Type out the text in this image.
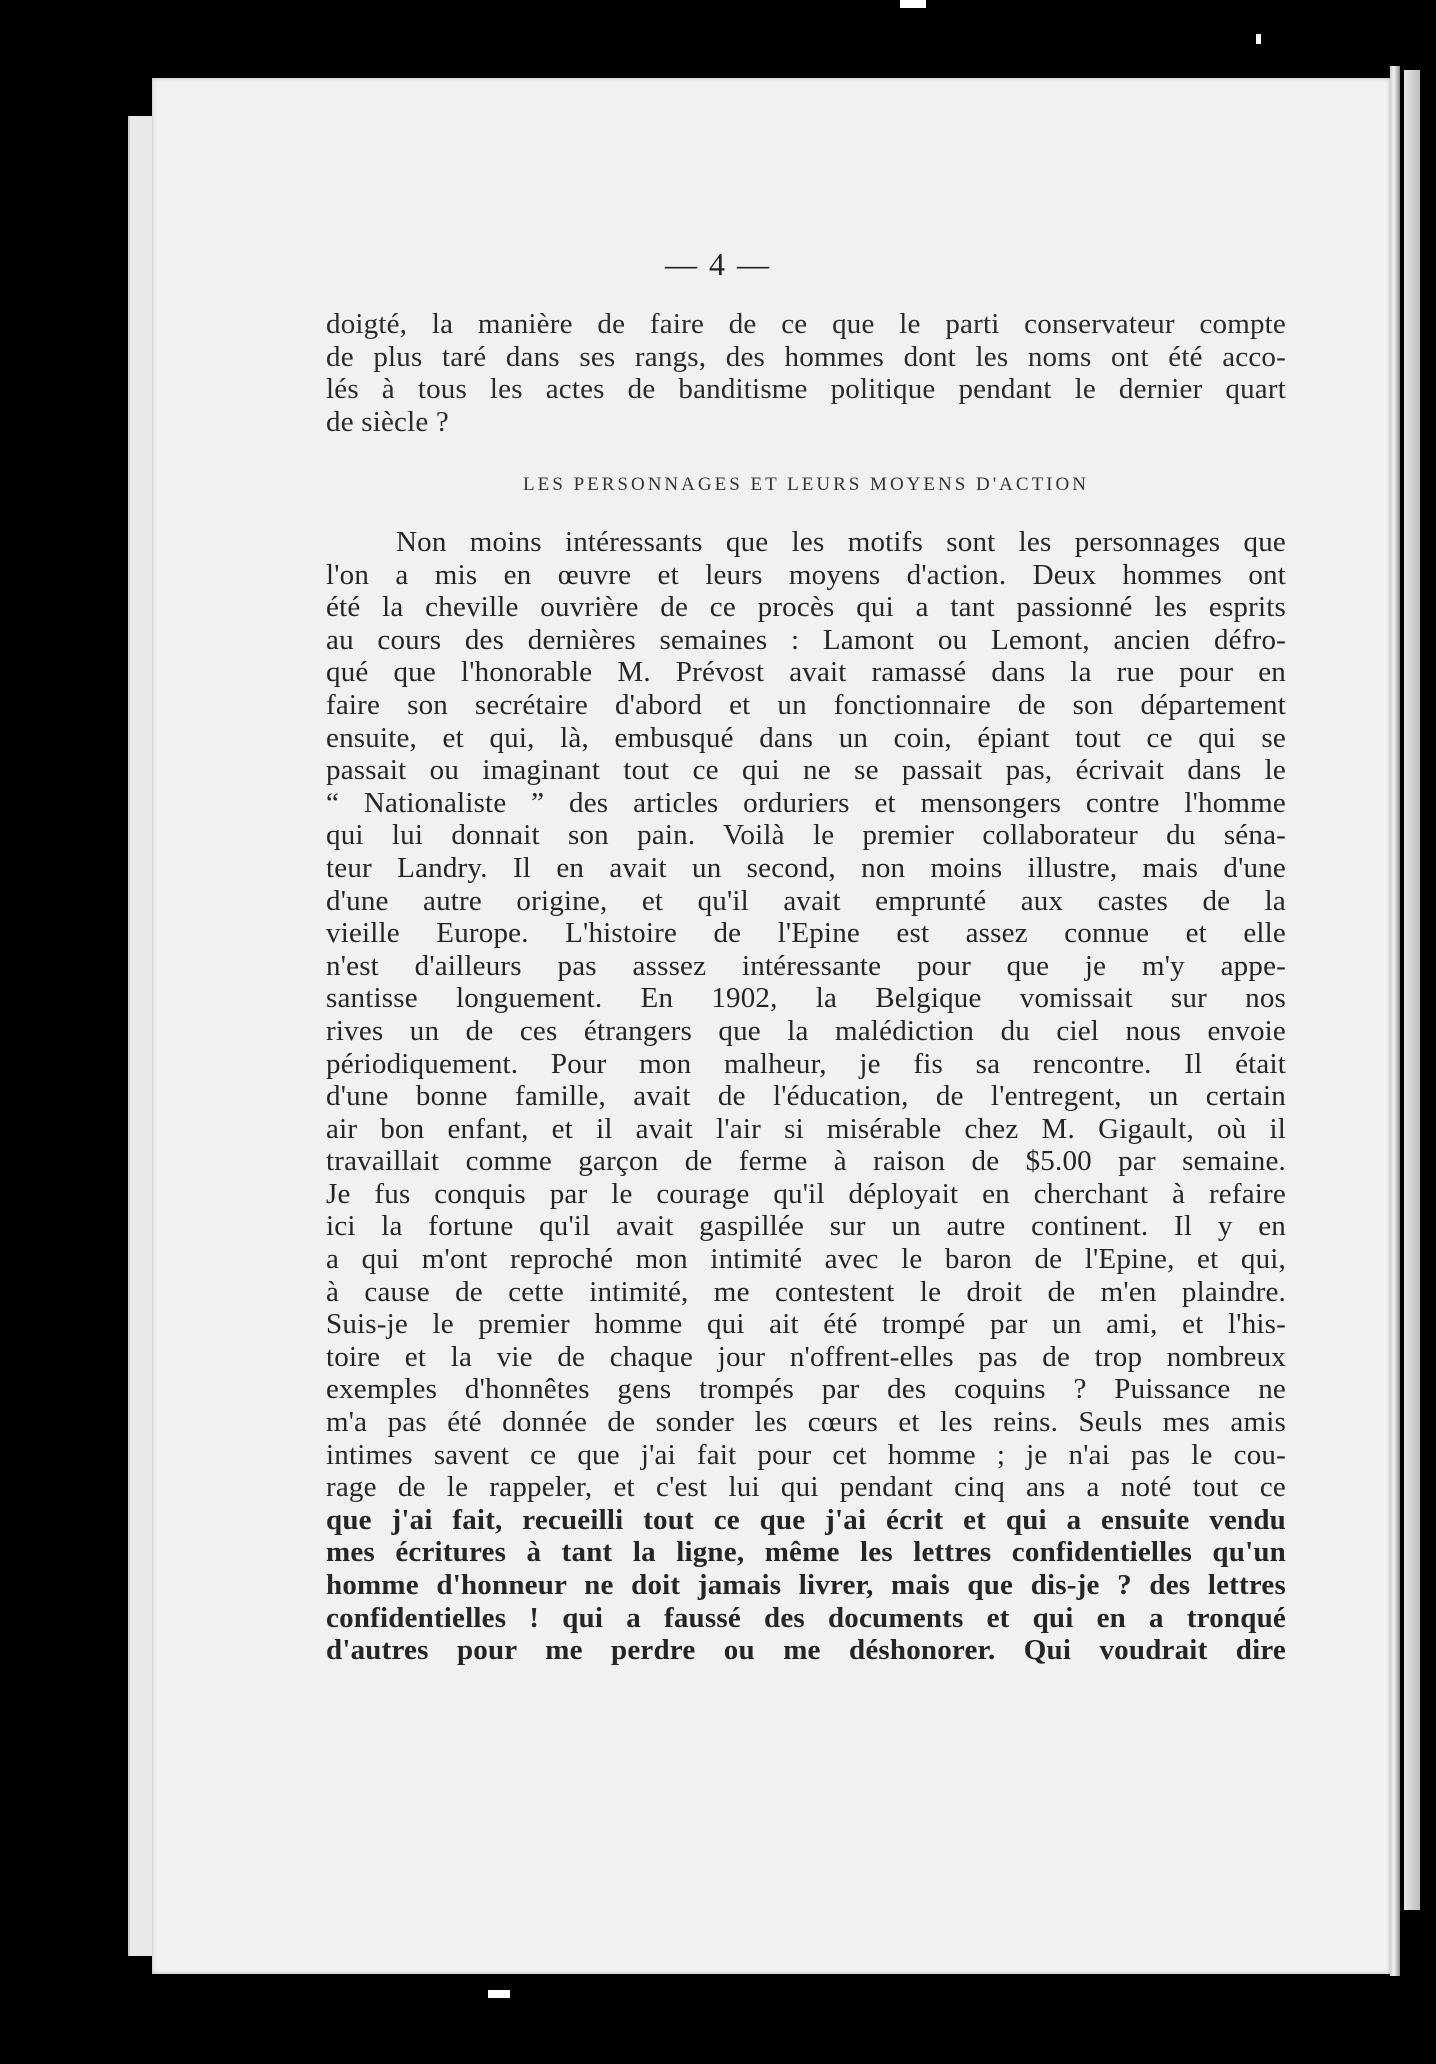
— 4 —
doigté, la manière de faire de ce que le parti conservateur compte
de plus taré dans ses rangs, des hommes dont les noms ont été acco-
lés à tous les actes de banditisme politique pendant le dernier quart
de siècle ?
LES PERSONNAGES ET LEURS MOYENS D'ACTION
Non moins intéressants que les motifs sont les personnages que
l'on a mis en œuvre et leurs moyens d'action. Deux hommes ont
été la cheville ouvrière de ce procès qui a tant passionné les esprits
au cours des dernières semaines : Lamont ou Lemont, ancien défro-
qué que l'honorable M. Prévost avait ramassé dans la rue pour en
faire son secrétaire d'abord et un fonctionnaire de son département
ensuite, et qui, là, embusqué dans un coin, épiant tout ce qui se
passait ou imaginant tout ce qui ne se passait pas, écrivait dans le
“ Nationaliste ” des articles orduriers et mensongers contre l'homme
qui lui donnait son pain. Voilà le premier collaborateur du séna-
teur Landry. Il en avait un second, non moins illustre, mais d'une
d'une autre origine, et qu'il avait emprunté aux castes de la
vieille Europe. L'histoire de l'Epine est assez connue et elle
n'est d'ailleurs pas asssez intéressante pour que je m'y appe-
santisse longuement. En 1902, la Belgique vomissait sur nos
rives un de ces étrangers que la malédiction du ciel nous envoie
périodiquement. Pour mon malheur, je fis sa rencontre. Il était
d'une bonne famille, avait de l'éducation, de l'entregent, un certain
air bon enfant, et il avait l'air si misérable chez M. Gigault, où il
travaillait comme garçon de ferme à raison de $5.00 par semaine.
Je fus conquis par le courage qu'il déployait en cherchant à refaire
ici la fortune qu'il avait gaspillée sur un autre continent. Il y en
a qui m'ont reproché mon intimité avec le baron de l'Epine, et qui,
à cause de cette intimité, me contestent le droit de m'en plaindre.
Suis-je le premier homme qui ait été trompé par un ami, et l'his-
toire et la vie de chaque jour n'offrent-elles pas de trop nombreux
exemples d'honnêtes gens trompés par des coquins ? Puissance ne
m'a pas été donnée de sonder les cœurs et les reins. Seuls mes amis
intimes savent ce que j'ai fait pour cet homme ; je n'ai pas le cou-
rage de le rappeler, et c'est lui qui pendant cinq ans a noté tout ce
que j'ai fait, recueilli tout ce que j'ai écrit et qui a ensuite vendu
mes écritures à tant la ligne, même les lettres confidentielles qu'un
homme d'honneur ne doit jamais livrer, mais que dis-je ? des lettres
confidentielles ! qui a faussé des documents et qui en a tronqué
d'autres pour me perdre ou me déshonorer. Qui voudrait dire
